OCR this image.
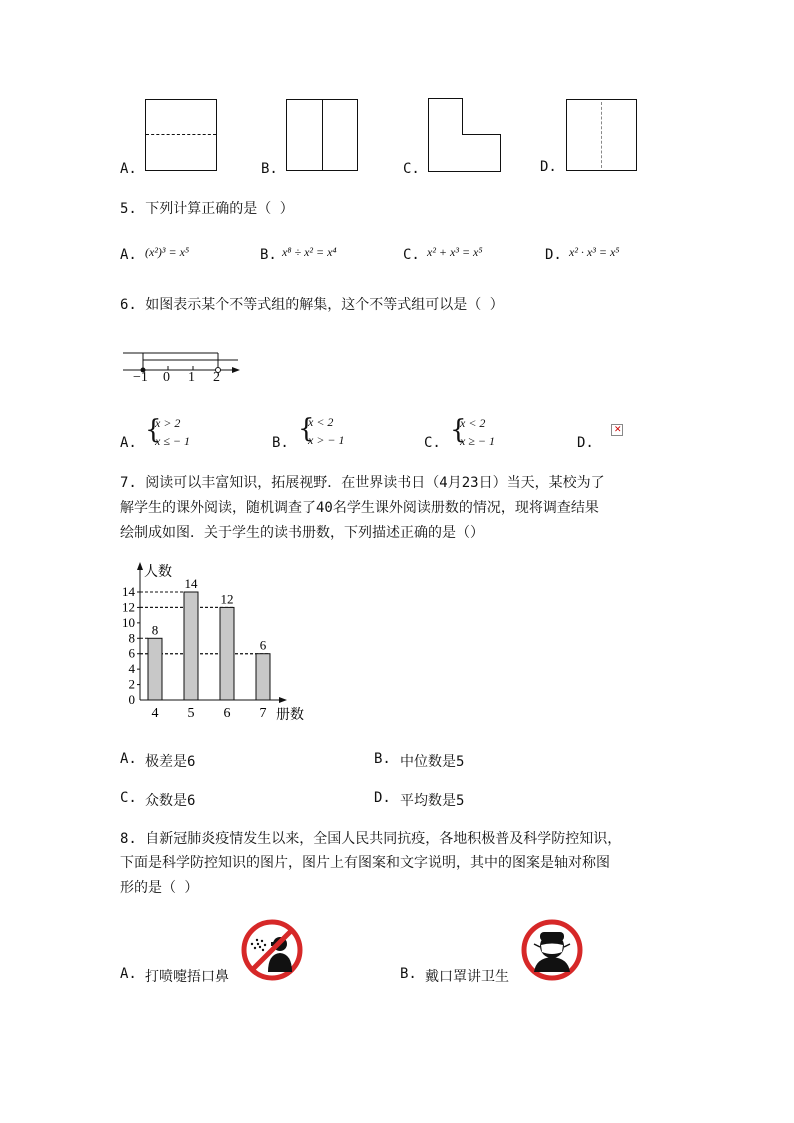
A.	B.	C.	D.
5. 下列计算正确的是（ ）
A. (x²)³ = x⁵	B. x⁸ ÷ x² = x⁴	C. x² + x³ = x⁵	D. x² · x³ = x⁵
6. 如图表示某个不等式组的解集，这个不等式组可以是（ ）
−1 0 1 2
A. {
x > 2
x ≤ − 1	B. {
x < 2
x > − 1	C. {
x < 2
x ≥ − 1	D.
✕
7. 阅读可以丰富知识，拓展视野．在世界读书日（4月23日）当天，某校为了
解学生的课外阅读，随机调查了40名学生课外阅读册数的情况，现将调查结果
绘制成如图．关于学生的读书册数，下列描述正确的是（）
0
2
4
6
8
10
12
14
8
4
14
5
12
6
6
7
人数
册数
A. 极差是6	B. 中位数是5
C. 众数是6	D. 平均数是5
8. 自新冠肺炎疫情发生以来，全国人民共同抗疫，各地积极普及科学防控知识，
下面是科学防控知识的图片，图片上有图案和文字说明，其中的图案是轴对称图
形的是（ ）
A. 打喷嚏捂口鼻	B. 戴口罩讲卫生
